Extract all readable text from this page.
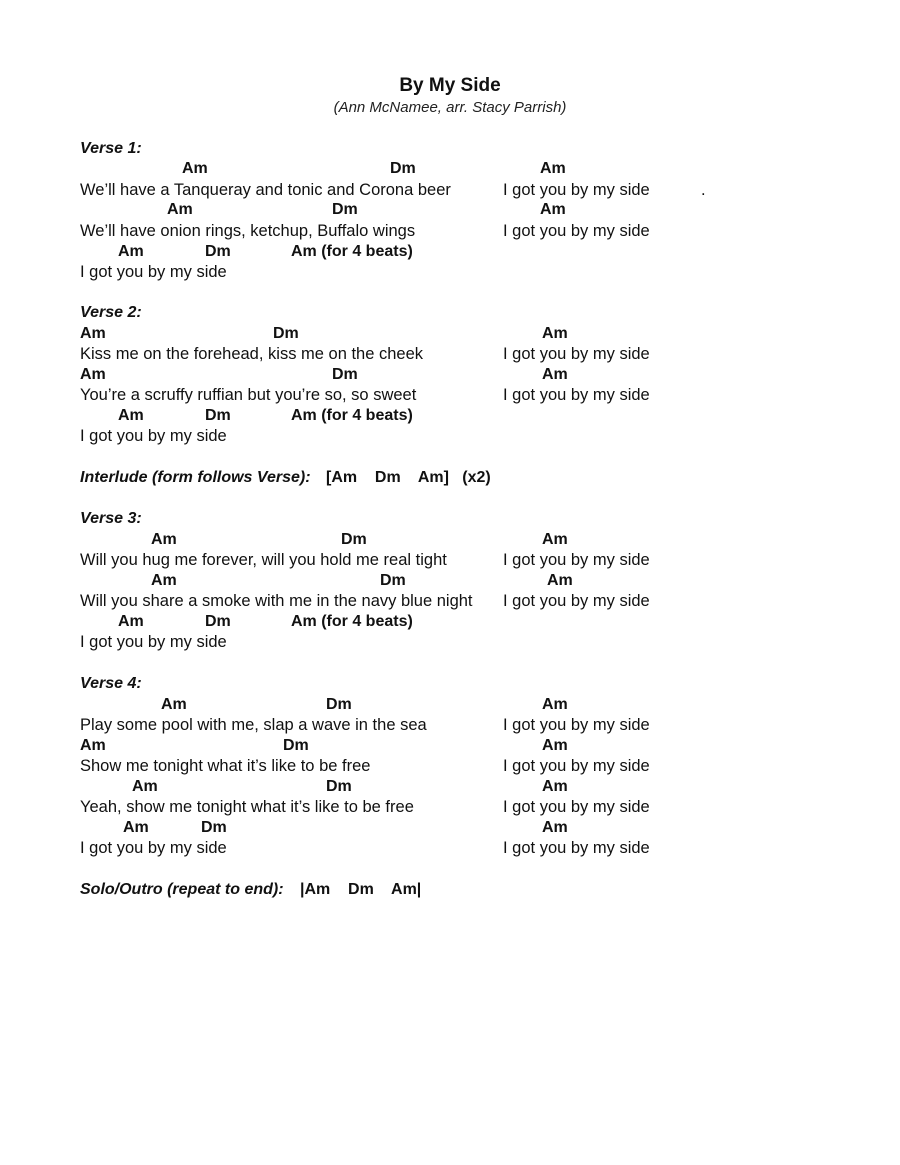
By My Side
(Ann McNamee, arr. Stacy Parrish)
Verse 1:
Am	Dm	Am
We’ll have a Tanqueray and tonic and Corona beer	I got you by my side	.
Am	Dm	Am
We’ll have onion rings, ketchup, Buffalo wings	I got you by my side
Am	Dm	Am (for 4 beats)
I got you by my side
Verse 2:
Am	Dm	Am
Kiss me on the forehead, kiss me on the cheek	I got you by my side
Am	Dm	Am
You’re a scruffy ruffian but you’re so, so sweet	I got you by my side
Am	Dm	Am (for 4 beats)
I got you by my side
Interlude (form follows Verse): [Am    Dm    Am]   (x2)
Verse 3:
Am	Dm	Am
Will you hug me forever, will you hold me real tight	I got you by my side
Am	Dm	Am
Will you share a smoke with me in the navy blue night I got you by my side
Am	Dm	Am (for 4 beats)
I got you by my side
Verse 4:
Am	Dm	Am
Play some pool with me, slap a wave in the sea	I got you by my side
Am	Dm	Am
Show me tonight what it’s like to be free	I got you by my side
Am	Dm	Am
Yeah, show me tonight what it’s like to be free	I got you by my side
Am	Dm	Am
I got you by my side	I got you by my side
Solo/Outro (repeat to end): |Am    Dm    Am|
